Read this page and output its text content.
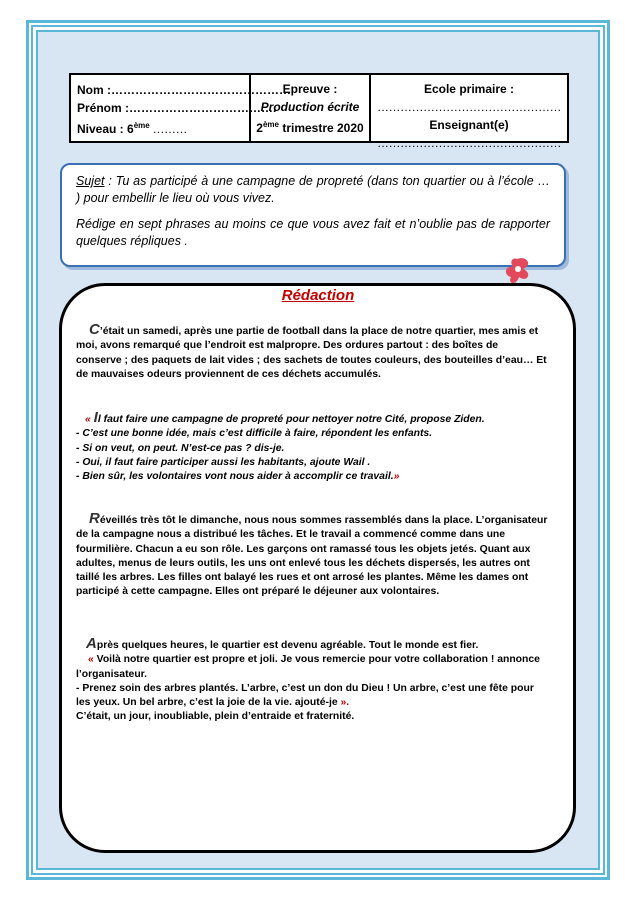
Nom :………………………………………
Prénom :……………………………….
Niveau : 6ème ………
Epreuve :
Production écrite
2ème trimestre 2020
Ecole primaire :
…………………………………………
Enseignant(e)
…………………………………………

Sujet : Tu as participé à une campagne de propreté (dans ton quartier ou à l’école … ) pour embellir le lieu où vous vivez.

Rédige en sept phrases au moins ce que vous avez fait et n’oublie pas de rapporter quelques répliques .

Rédaction
C’était un samedi, après une partie de football dans la place de notre quartier, mes amis et
moi, avons remarqué que l’endroit est malpropre. Des ordures partout : des boîtes de
conserve ; des paquets de lait vides ; des sachets de toutes couleurs, des bouteilles d’eau… Et
de mauvaises odeurs proviennent de ces déchets accumulés.
« Il faut faire une campagne de propreté pour nettoyer notre Cité, propose Ziden.
- C’est une bonne idée, mais c’est difficile à faire, répondent les enfants.
- Si on veut, on peut. N’est-ce pas ? dis-je.
- Oui, il faut faire participer aussi les habitants, ajoute Wail .
- Bien sûr, les volontaires vont nous aider à accomplir ce travail.»
Réveillés très tôt le dimanche, nous nous sommes rassemblés dans la place. L’organisateur
de la campagne nous a distribué les tâches. Et le travail a commencé comme dans une
fourmilière. Chacun a eu son rôle. Les garçons ont ramassé tous les objets jetés. Quant aux
adultes, menus de leurs outils, les uns ont enlevé tous les déchets dispersés, les autres ont
taillé les arbres. Les filles ont balayé les rues et ont arrosé les plantes. Même les dames ont
participé à cette campagne. Elles ont préparé le déjeuner aux volontaires.
Après quelques heures, le quartier est devenu agréable. Tout le monde est fier.
« Voilà notre quartier est propre et joli. Je vous remercie pour votre collaboration ! annonce
l’organisateur.
- Prenez soin des arbres plantés. L’arbre, c’est un don du Dieu ! Un arbre, c’est une fête pour
les yeux. Un bel arbre, c’est la joie de la vie. ajouté-je ».
C’était, un jour, inoubliable, plein d’entraide et fraternité.
